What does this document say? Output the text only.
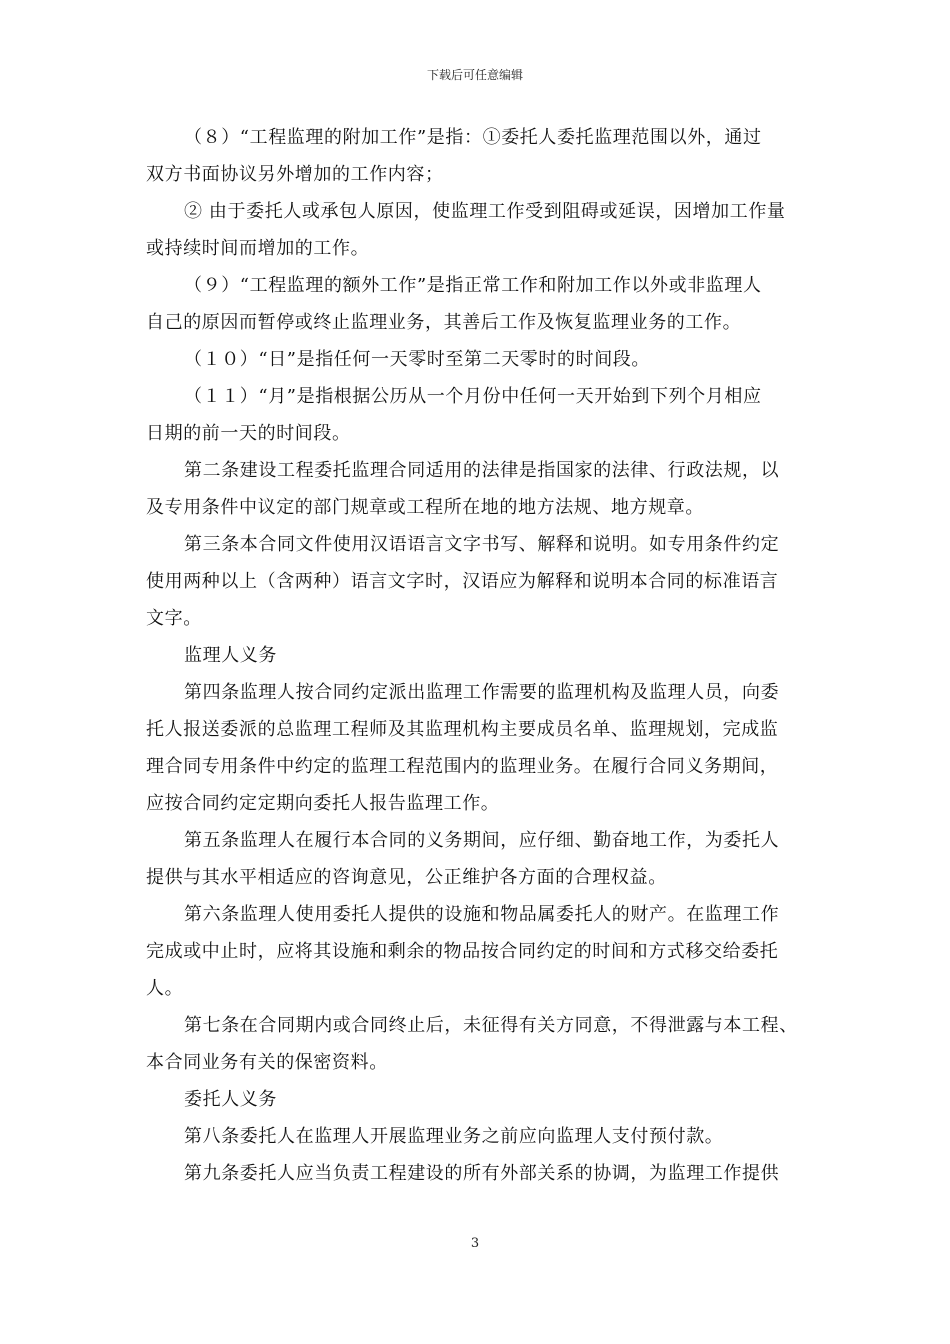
下载后可任意编辑

（８）“工程监理的附加工作”是指：①委托人委托监理范围以外，通过
双方书面协议另外增加的工作内容；

② 由于委托人或承包人原因，使监理工作受到阻碍或延误，因增加工作量
或持续时间而增加的工作。

（９）“工程监理的额外工作”是指正常工作和附加工作以外或非监理人
自己的原因而暂停或终止监理业务，其善后工作及恢复监理业务的工作。

（１０）“日”是指任何一天零时至第二天零时的时间段。

（１１）“月”是指根据公历从一个月份中任何一天开始到下列个月相应
日期的前一天的时间段。

第二条建设工程委托监理合同适用的法律是指国家的法律、行政法规，以
及专用条件中议定的部门规章或工程所在地的地方法规、地方规章。

第三条本合同文件使用汉语语言文字书写、解释和说明。如专用条件约定
使用两种以上（含两种）语言文字时，汉语应为解释和说明本合同的标准语言
文字。

监理人义务

第四条监理人按合同约定派出监理工作需要的监理机构及监理人员，向委
托人报送委派的总监理工程师及其监理机构主要成员名单、监理规划，完成监
理合同专用条件中约定的监理工程范围内的监理业务。在履行合同义务期间，
应按合同约定定期向委托人报告监理工作。

第五条监理人在履行本合同的义务期间，应仔细、勤奋地工作，为委托人
提供与其水平相适应的咨询意见，公正维护各方面的合理权益。

第六条监理人使用委托人提供的设施和物品属委托人的财产。在监理工作
完成或中止时，应将其设施和剩余的物品按合同约定的时间和方式移交给委托
人。

第七条在合同期内或合同终止后，未征得有关方同意，不得泄露与本工程、
本合同业务有关的保密资料。

委托人义务

第八条委托人在监理人开展监理业务之前应向监理人支付预付款。

第九条委托人应当负责工程建设的所有外部关系的协调，为监理工作提供

3
